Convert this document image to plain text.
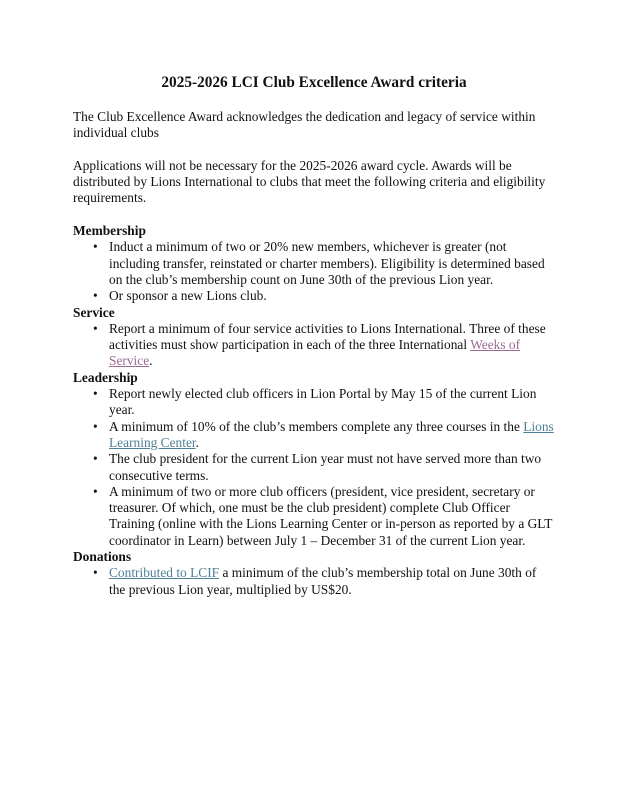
2025-2026 LCI Club Excellence Award criteria

The Club Excellence Award acknowledges the dedication and legacy of service within individual clubs

Applications will not be necessary for the 2025-2026 award cycle. Awards will be distributed by Lions International to clubs that meet the following criteria and eligibility requirements.

Membership
• Induct a minimum of two or 20% new members, whichever is greater (not including transfer, reinstated or charter members). Eligibility is determined based on the club’s membership count on June 30th of the previous Lion year.
• Or sponsor a new Lions club.
Service
• Report a minimum of four service activities to Lions International. Three of these activities must show participation in each of the three International Weeks of Service.
Leadership
• Report newly elected club officers in Lion Portal by May 15 of the current Lion year.
• A minimum of 10% of the club’s members complete any three courses in the Lions Learning Center.
• The club president for the current Lion year must not have served more than two consecutive terms.
• A minimum of two or more club officers (president, vice president, secretary or treasurer. Of which, one must be the club president) complete Club Officer Training (online with the Lions Learning Center or in-person as reported by a GLT coordinator in Learn) between July 1 – December 31 of the current Lion year.
Donations
• Contributed to LCIF a minimum of the club’s membership total on June 30th of the previous Lion year, multiplied by US$20.
